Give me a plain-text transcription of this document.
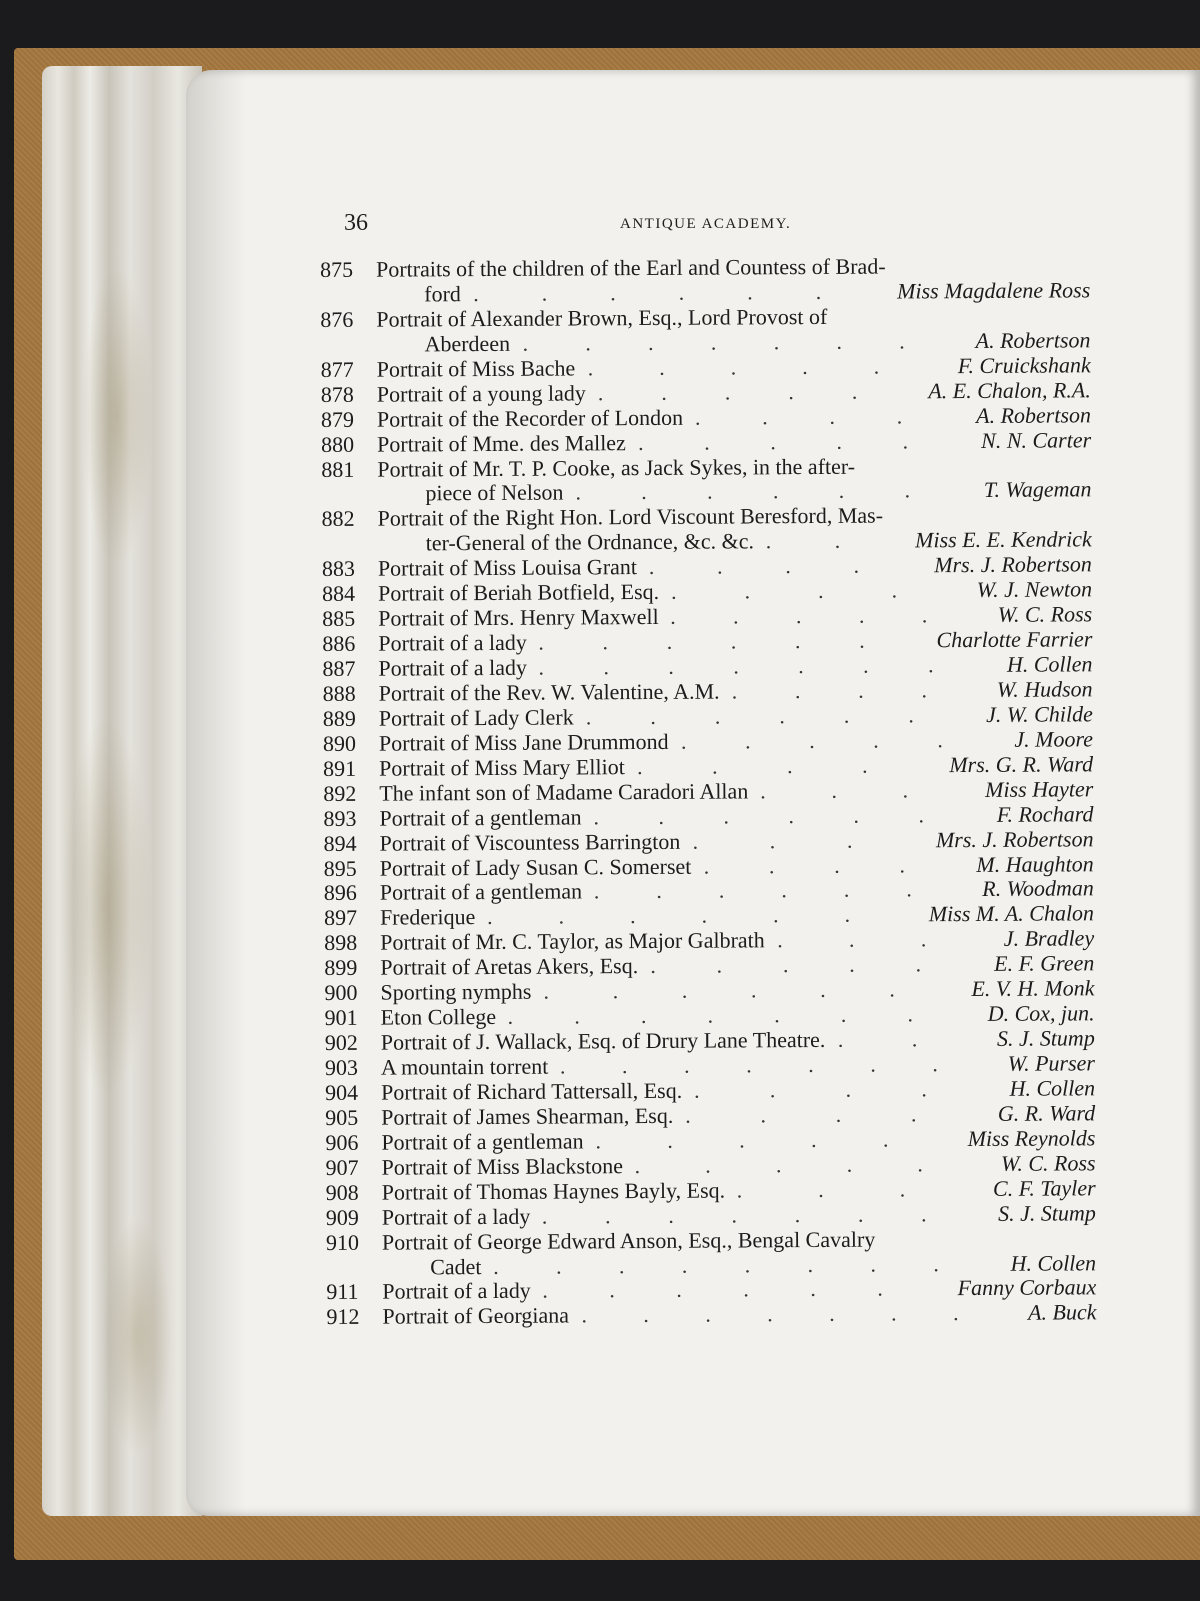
36	ANTIQUE ACADEMY.
875 Portraits of the children of the Earl and Countess of Brad-
ford	Miss Magdalene Ross
......
876 Portrait of Alexander Brown, Esq., Lord Provost of
Aberdeen	A. Robertson
.......
877 Portrait of Miss Bache	F. Cruickshank
.....
878 Portrait of a young lady	A. E. Chalon, R.A.
.....
879 Portrait of the Recorder of London	A. Robertson
....
880 Portrait of Mme. des Mallez	N. N. Carter
.....
881 Portrait of Mr. T. P. Cooke, as Jack Sykes, in the after-
piece of Nelson	T. Wageman
......
882 Portrait of the Right Hon. Lord Viscount Beresford, Mas-
ter-General of the Ordnance, &c. &c.	Miss E. E. Kendrick
..
883 Portrait of Miss Louisa Grant	Mrs. J. Robertson
....
884 Portrait of Beriah Botfield, Esq.	W. J. Newton
....
885 Portrait of Mrs. Henry Maxwell	W. C. Ross
.....
886 Portrait of a lady	Charlotte Farrier
......
887 Portrait of a lady	H. Collen
.......
888 Portrait of the Rev. W. Valentine, A.M.	W. Hudson
....
889 Portrait of Lady Clerk	J. W. Childe
......
890 Portrait of Miss Jane Drummond	J. Moore
.....
891 Portrait of Miss Mary Elliot	Mrs. G. R. Ward
....
892 The infant son of Madame Caradori Allan	Miss Hayter
...
893 Portrait of a gentleman	F. Rochard
......
894 Portrait of Viscountess Barrington	Mrs. J. Robertson
...
895 Portrait of Lady Susan C. Somerset	M. Haughton
....
896 Portrait of a gentleman	R. Woodman
......
897 Frederique	Miss M. A. Chalon
......
898 Portrait of Mr. C. Taylor, as Major Galbrath	J. Bradley
...
899 Portrait of Aretas Akers, Esq.	E. F. Green
.....
900 Sporting nymphs	E. V. H. Monk
......
901 Eton College	D. Cox, jun.
.......
902 Portrait of J. Wallack, Esq. of Drury Lane Theatre.	S. J. Stump
..
903 A mountain torrent	W. Purser
.......
904 Portrait of Richard Tattersall, Esq.	H. Collen
....
905 Portrait of James Shearman, Esq.	G. R. Ward
....
906 Portrait of a gentleman	Miss Reynolds
.....
907 Portrait of Miss Blackstone	W. C. Ross
.....
908 Portrait of Thomas Haynes Bayly, Esq.	C. F. Tayler
...
909 Portrait of a lady	S. J. Stump
.......
910 Portrait of George Edward Anson, Esq., Bengal Cavalry
Cadet	H. Collen
........
911 Portrait of a lady	Fanny Corbaux
......
912 Portrait of Georgiana	A. Buck
.......
